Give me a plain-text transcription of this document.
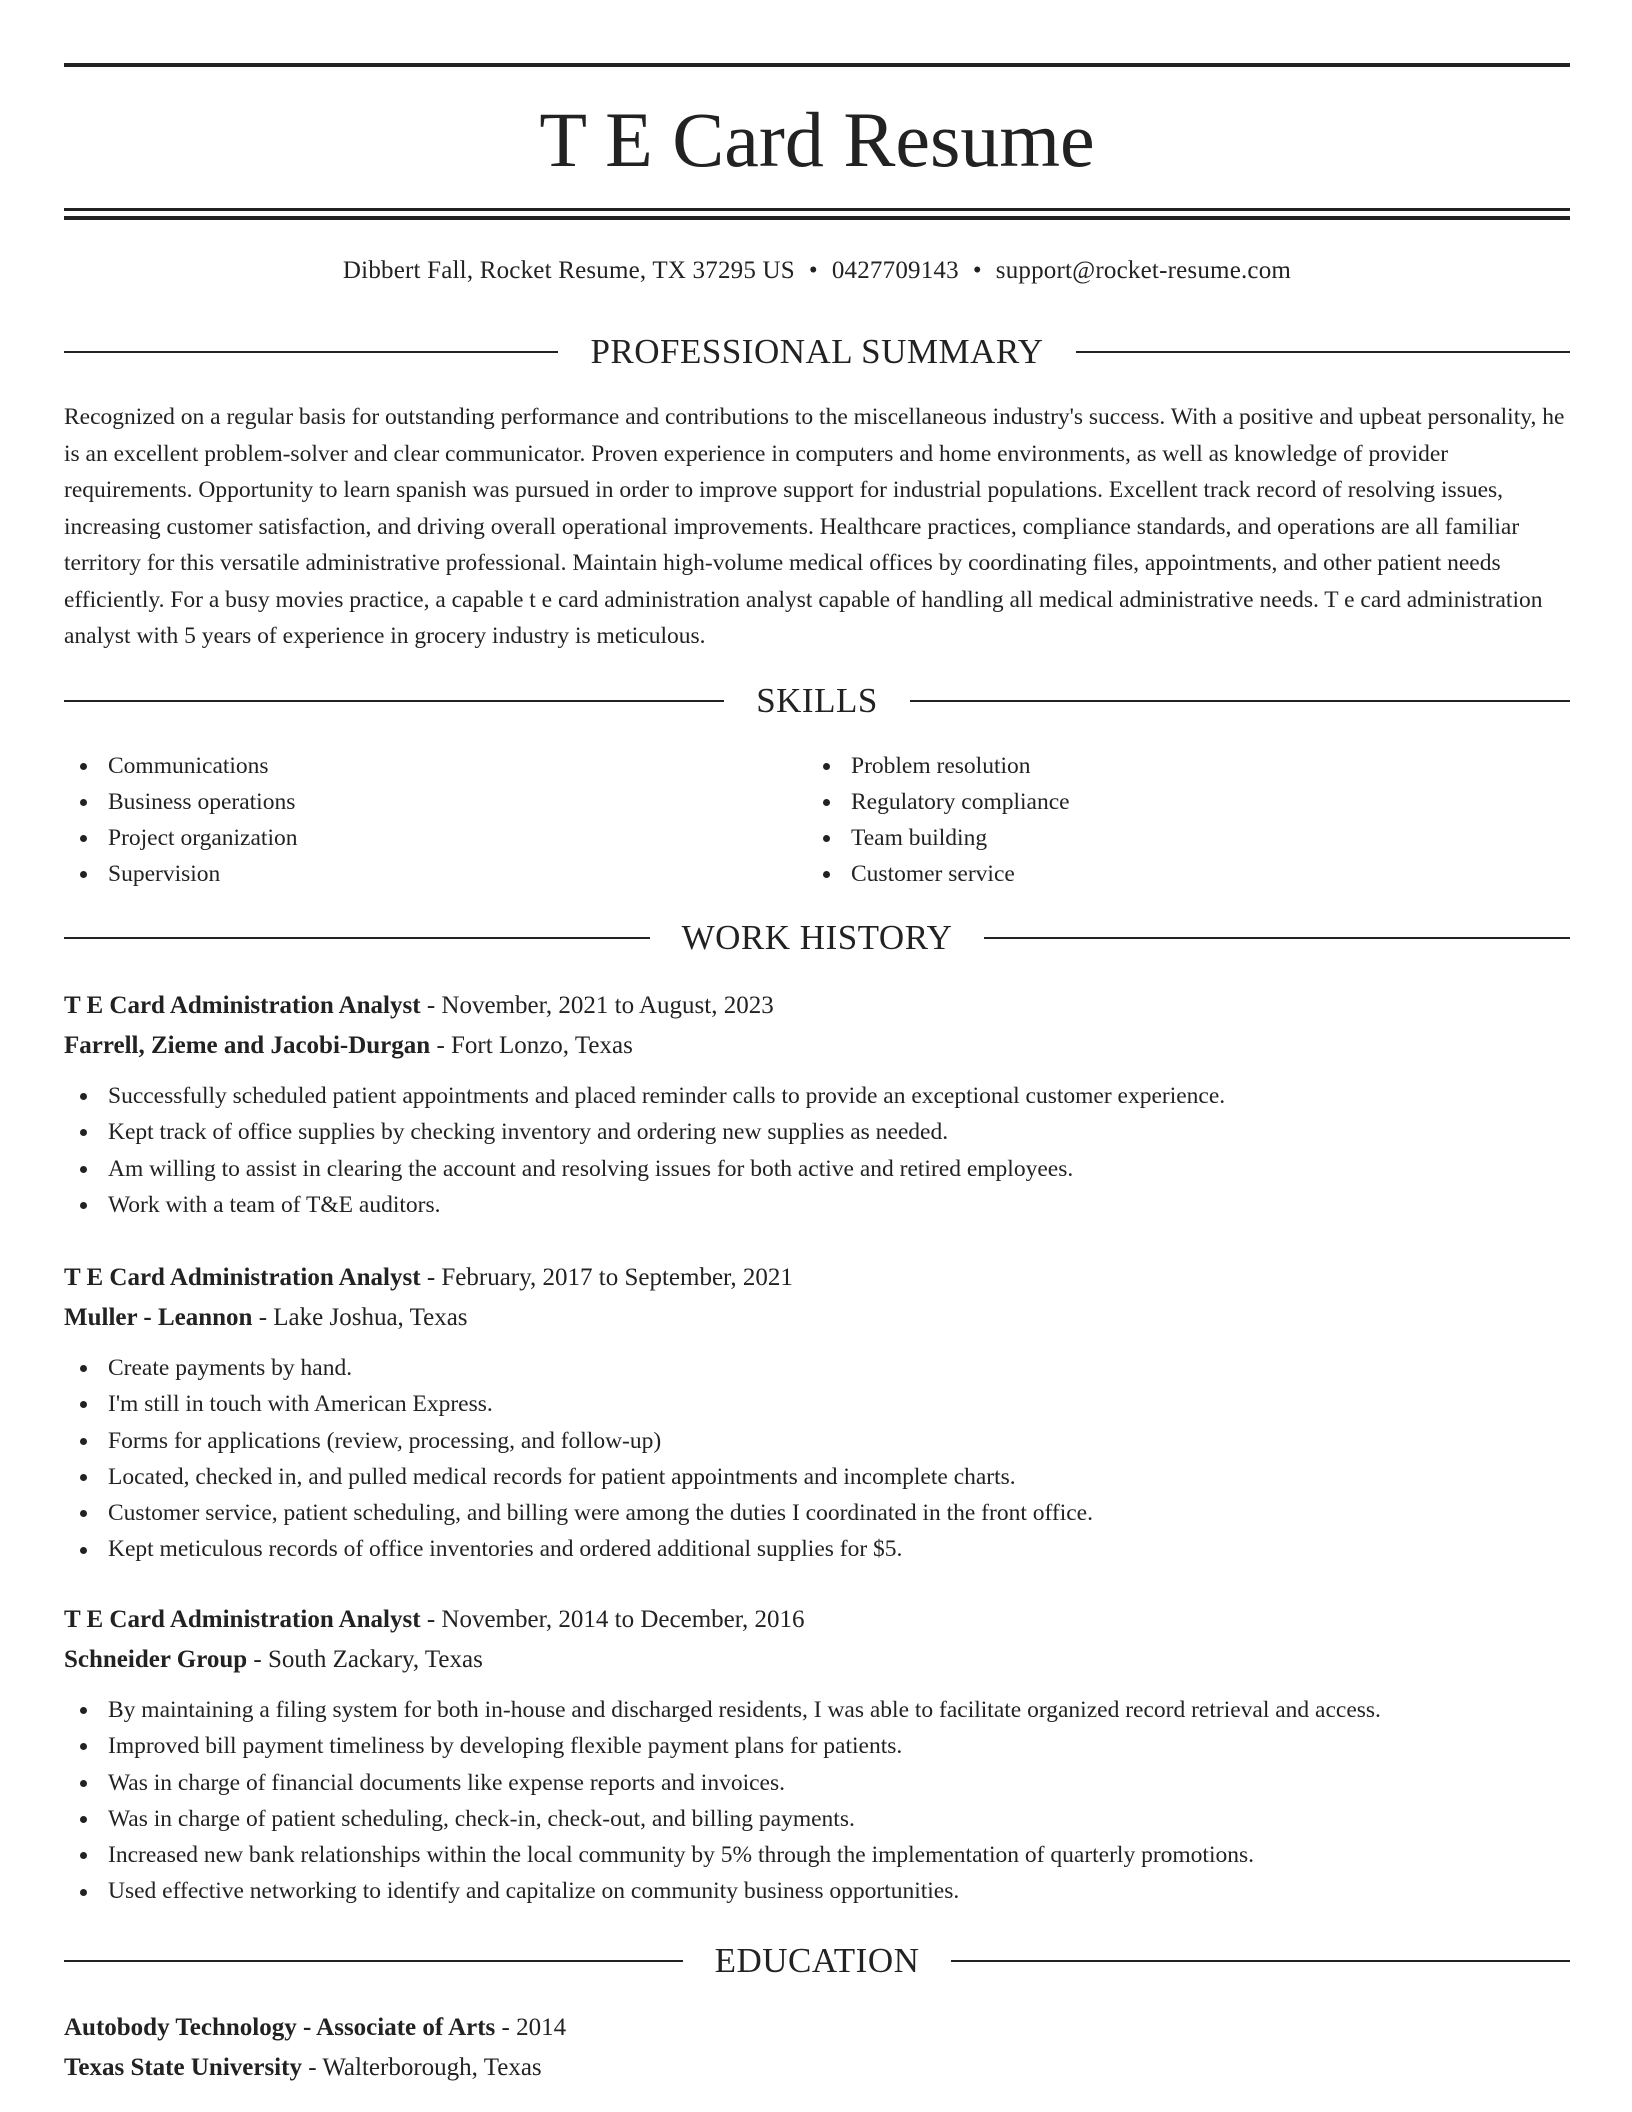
T E Card Resume
Dibbert Fall, Rocket Resume, TX 37295 US • 0427709143 • support@rocket-resume.com
PROFESSIONAL SUMMARY

Recognized on a regular basis for outstanding performance and contributions to the miscellaneous industry's success. With a positive and upbeat personality, he is an excellent problem-solver and clear communicator. Proven experience in computers and home environments, as well as knowledge of provider requirements. Opportunity to learn spanish was pursued in order to improve support for industrial populations. Excellent track record of resolving issues, increasing customer satisfaction, and driving overall operational improvements. Healthcare practices, compliance standards, and operations are all familiar territory for this versatile administrative professional. Maintain high-volume medical offices by coordinating files, appointments, and other patient needs efficiently. For a busy movies practice, a capable t e card administration analyst capable of handling all medical administrative needs. T e card administration analyst with 5 years of experience in grocery industry is meticulous.

SKILLS
Communications
Business operations
Project organization
Supervision
Problem resolution
Regulatory compliance
Team building
Customer service
WORK HISTORY
T E Card Administration Analyst - November, 2021 to August, 2023
Farrell, Zieme and Jacobi-Durgan - Fort Lonzo, Texas
Successfully scheduled patient appointments and placed reminder calls to provide an exceptional customer experience.
Kept track of office supplies by checking inventory and ordering new supplies as needed.
Am willing to assist in clearing the account and resolving issues for both active and retired employees.
Work with a team of T&E auditors.
T E Card Administration Analyst - February, 2017 to September, 2021
Muller - Leannon - Lake Joshua, Texas
Create payments by hand.
I'm still in touch with American Express.
Forms for applications (review, processing, and follow-up)
Located, checked in, and pulled medical records for patient appointments and incomplete charts.
Customer service, patient scheduling, and billing were among the duties I coordinated in the front office.
Kept meticulous records of office inventories and ordered additional supplies for $5.
T E Card Administration Analyst - November, 2014 to December, 2016
Schneider Group - South Zackary, Texas
By maintaining a filing system for both in-house and discharged residents, I was able to facilitate organized record retrieval and access.
Improved bill payment timeliness by developing flexible payment plans for patients.
Was in charge of financial documents like expense reports and invoices.
Was in charge of patient scheduling, check-in, check-out, and billing payments.
Increased new bank relationships within the local community by 5% through the implementation of quarterly promotions.
Used effective networking to identify and capitalize on community business opportunities.
EDUCATION
Autobody Technology - Associate of Arts - 2014
Texas State University - Walterborough, Texas
